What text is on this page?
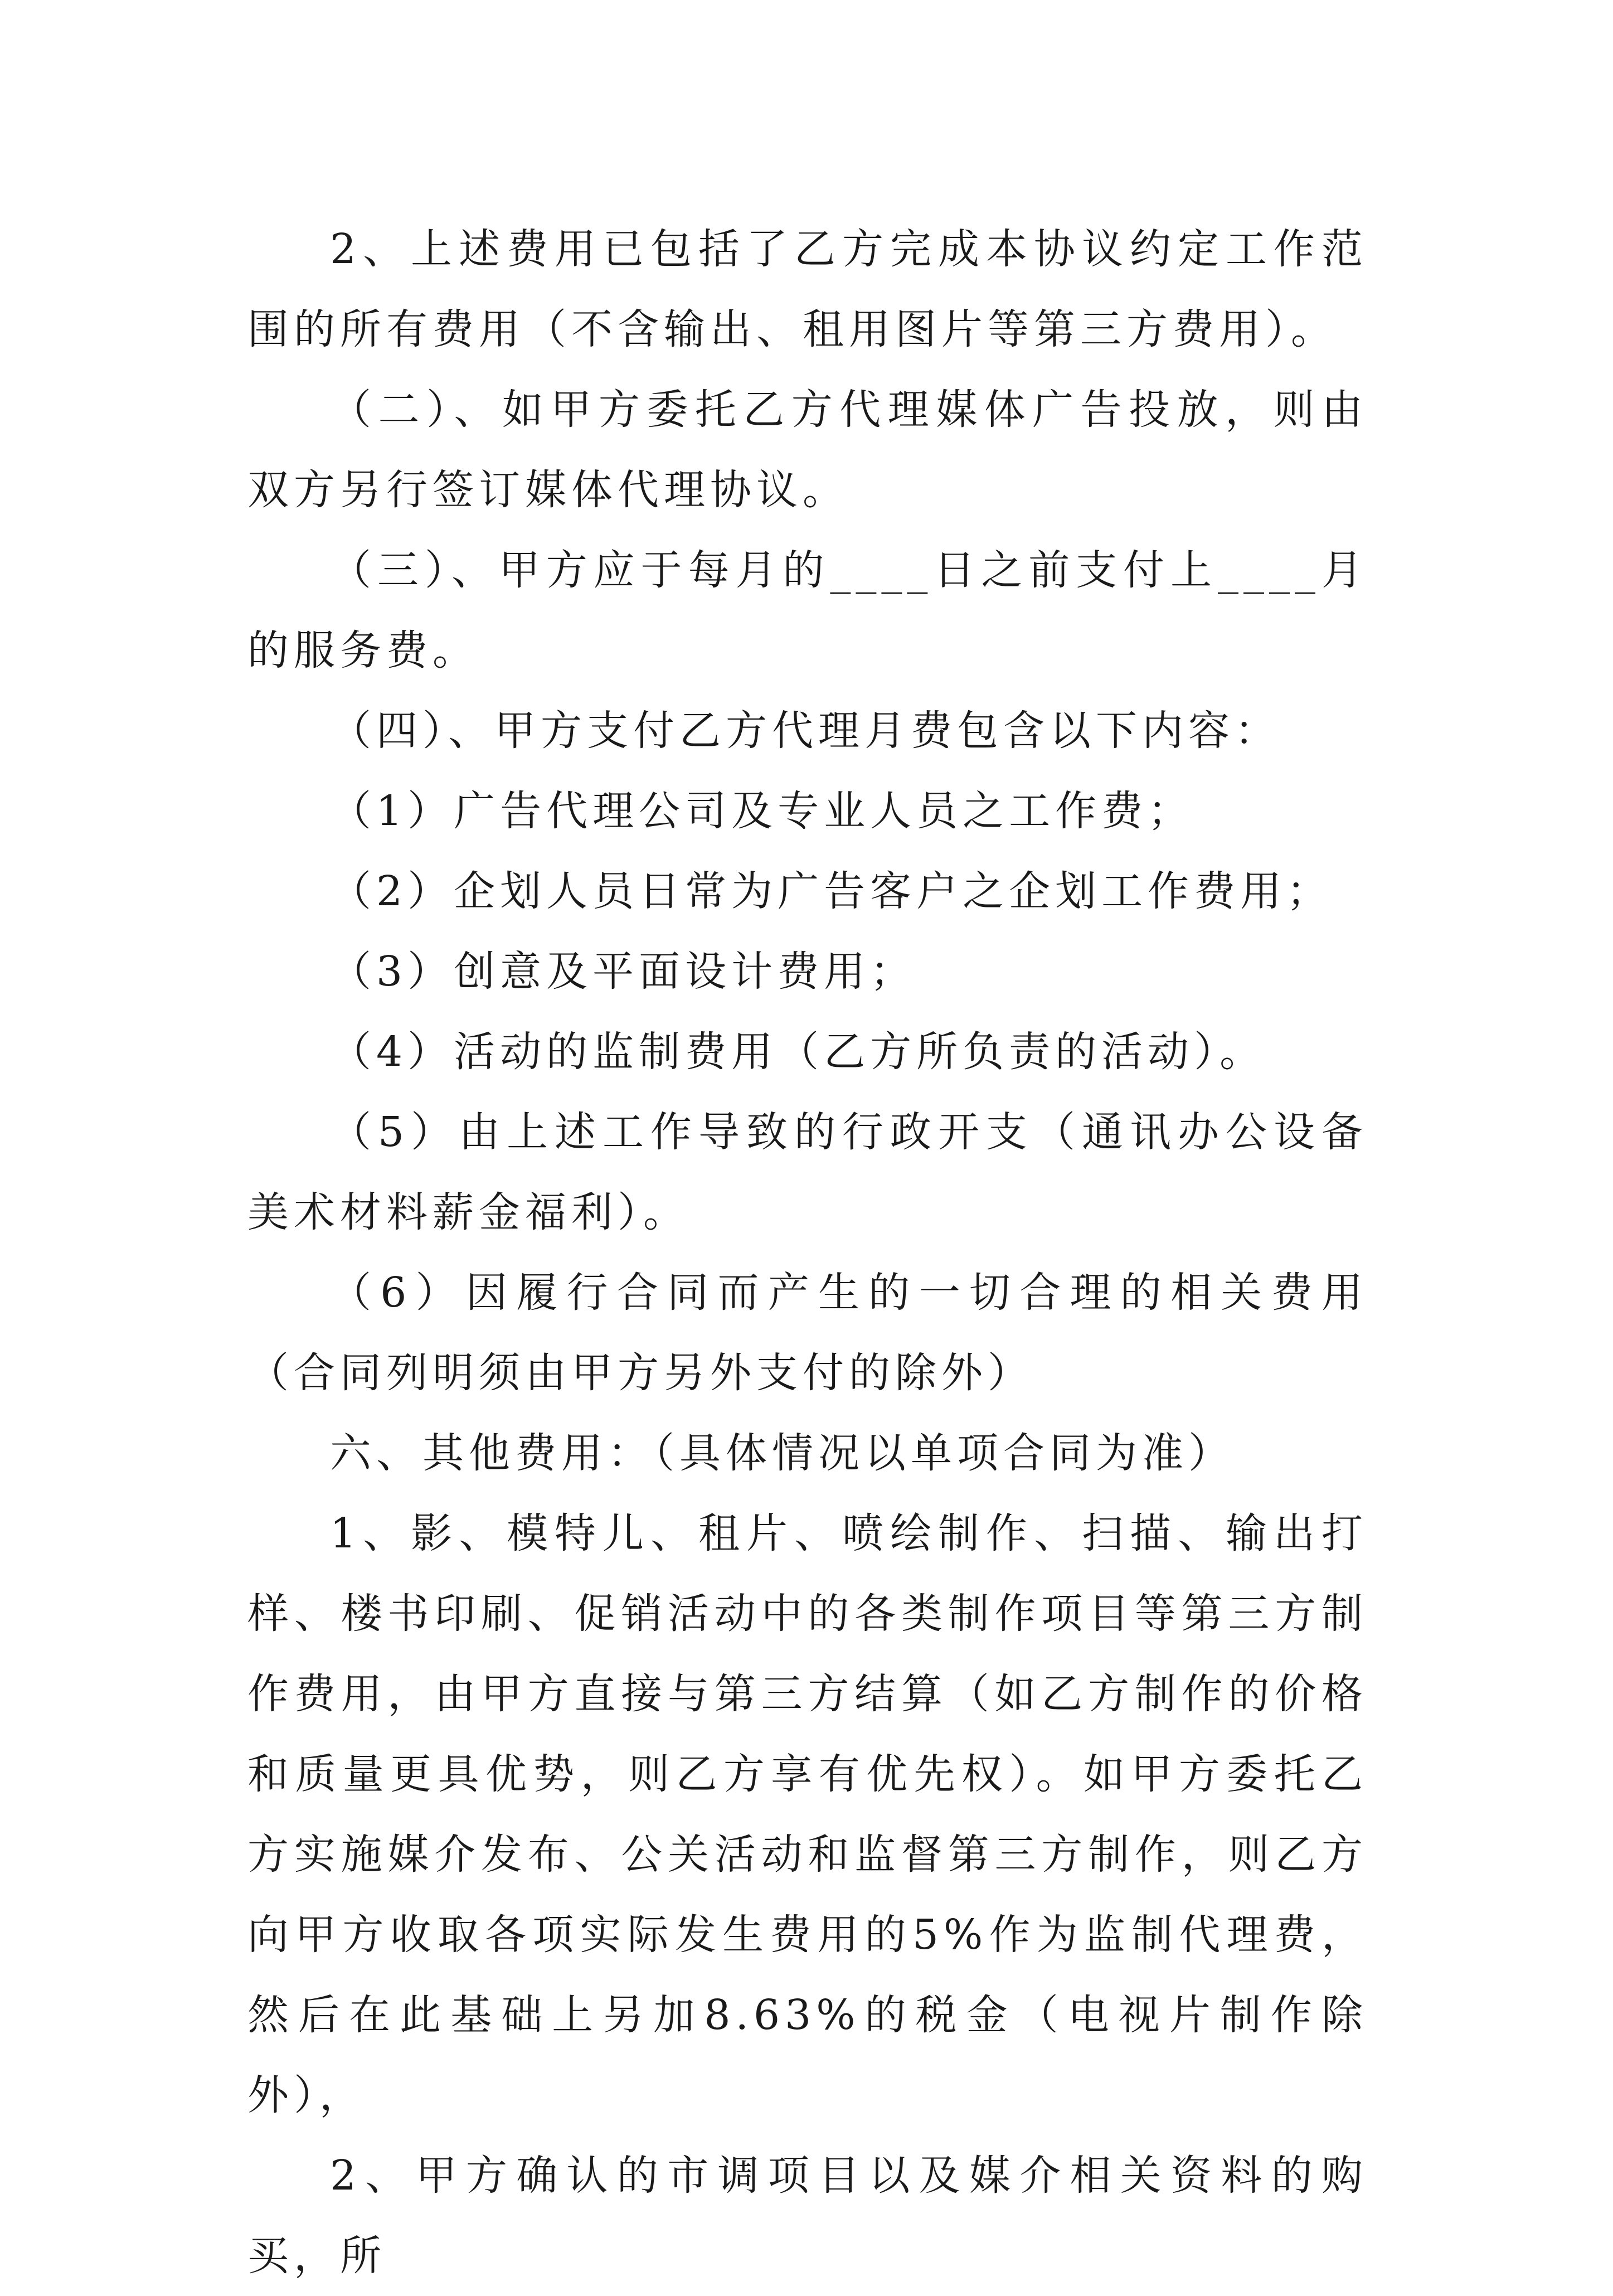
2、上述费用已包括了乙方完成本协议约定工作范围的所有费用（不含输出、租用图片等第三方费用）。

（二）、如甲方委托乙方代理媒体广告投放，则由双方另行签订媒体代理协议。

（三）、甲方应于每月的____日之前支付上____月的服务费。

（四）、甲方支付乙方代理月费包含以下内容：

（1）广告代理公司及专业人员之工作费；

（2）企划人员日常为广告客户之企划工作费用；

（3）创意及平面设计费用；

（4）活动的监制费用（乙方所负责的活动）。

（5）由上述工作导致的行政开支（通讯办公设备美术材料薪金福利）。

（6）因履行合同而产生的一切合理的相关费用（合同列明须由甲方另外支付的除外）

六、其他费用：（具体情况以单项合同为准）

1、影、模特儿、租片、喷绘制作、扫描、输出打样、楼书印刷、促销活动中的各类制作项目等第三方制作费用，由甲方直接与第三方结算（如乙方制作的价格和质量更具优势，则乙方享有优先权）。如甲方委托乙方实施媒介发布、公关活动和监督第三方制作，则乙方向甲方收取各项实际发生费用的5%作为监制代理费，然后在此基础上另加8.63%的税金（电视片制作除外），

2、甲方确认的市调项目以及媒介相关资料的购买，所
